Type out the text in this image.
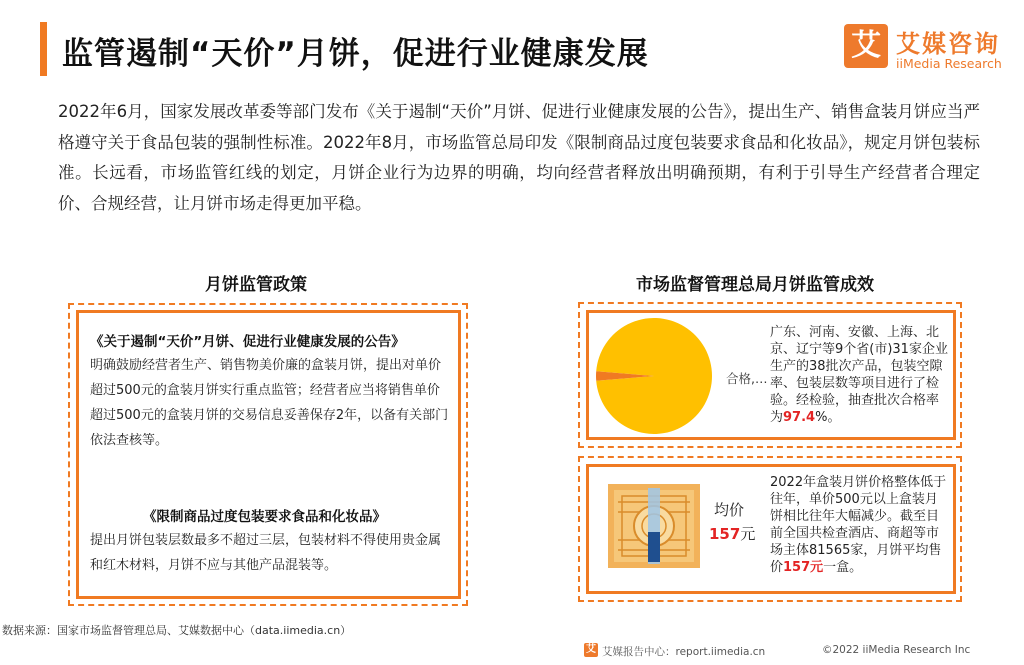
监管遏制“天价”月饼，促进行业健康发展	艾 艾媒咨询
iiMedia Research

2022年6月，国家发展改革委等部门发布《关于遏制“天价”月饼、促进行业健康发展的公告》，提出生产、销售盒装月饼应当严格遵守关于食品包装的强制性标准。2022年8月，市场监管总局印发《限制商品过度包装要求食品和化妆品》，规定月饼包装标准。长远看，市场监管红线的划定，月饼企业行为边界的明确，均向经营者释放出明确预期，有利于引导生产经营者合理定价、合规经营，让月饼市场走得更加平稳。

月饼监管政策	市场监督管理总局月饼监管成效
《关于遏制“天价”月饼、促进行业健康发展的公告》

明确鼓励经营者生产、销售物美价廉的盒装月饼，提出对单价超过500元的盒装月饼实行重点监管；经营者应当将销售单价超过500元的盒装月饼的交易信息妥善保存2年，以备有关部门依法查核等。

《限制商品过度包装要求食品和化妆品》

提出月饼包装层数最多不超过三层，包装材料不得使用贵金属和红木材料，月饼不应与其他产品混装等。

合格,…

广东、河南、安徽、上海、北京、辽宁等9个省(市)31家企业生产的38批次产品，包装空隙率、包装层数等项目进行了检验。经检验，抽查批次合格率为97.4%。

均价
157元

2022年盒装月饼价格整体低于往年，单价500元以上盒装月饼相比往年大幅减少。截至目前全国共检查酒店、商超等市场主体81565家，月饼平均售价157元一盒。

数据来源：国家市场监督管理总局、艾媒数据中心（data.iimedia.cn）
艾 艾媒报告中心：report.iimedia.cn	©2022 iiMedia Research Inc
